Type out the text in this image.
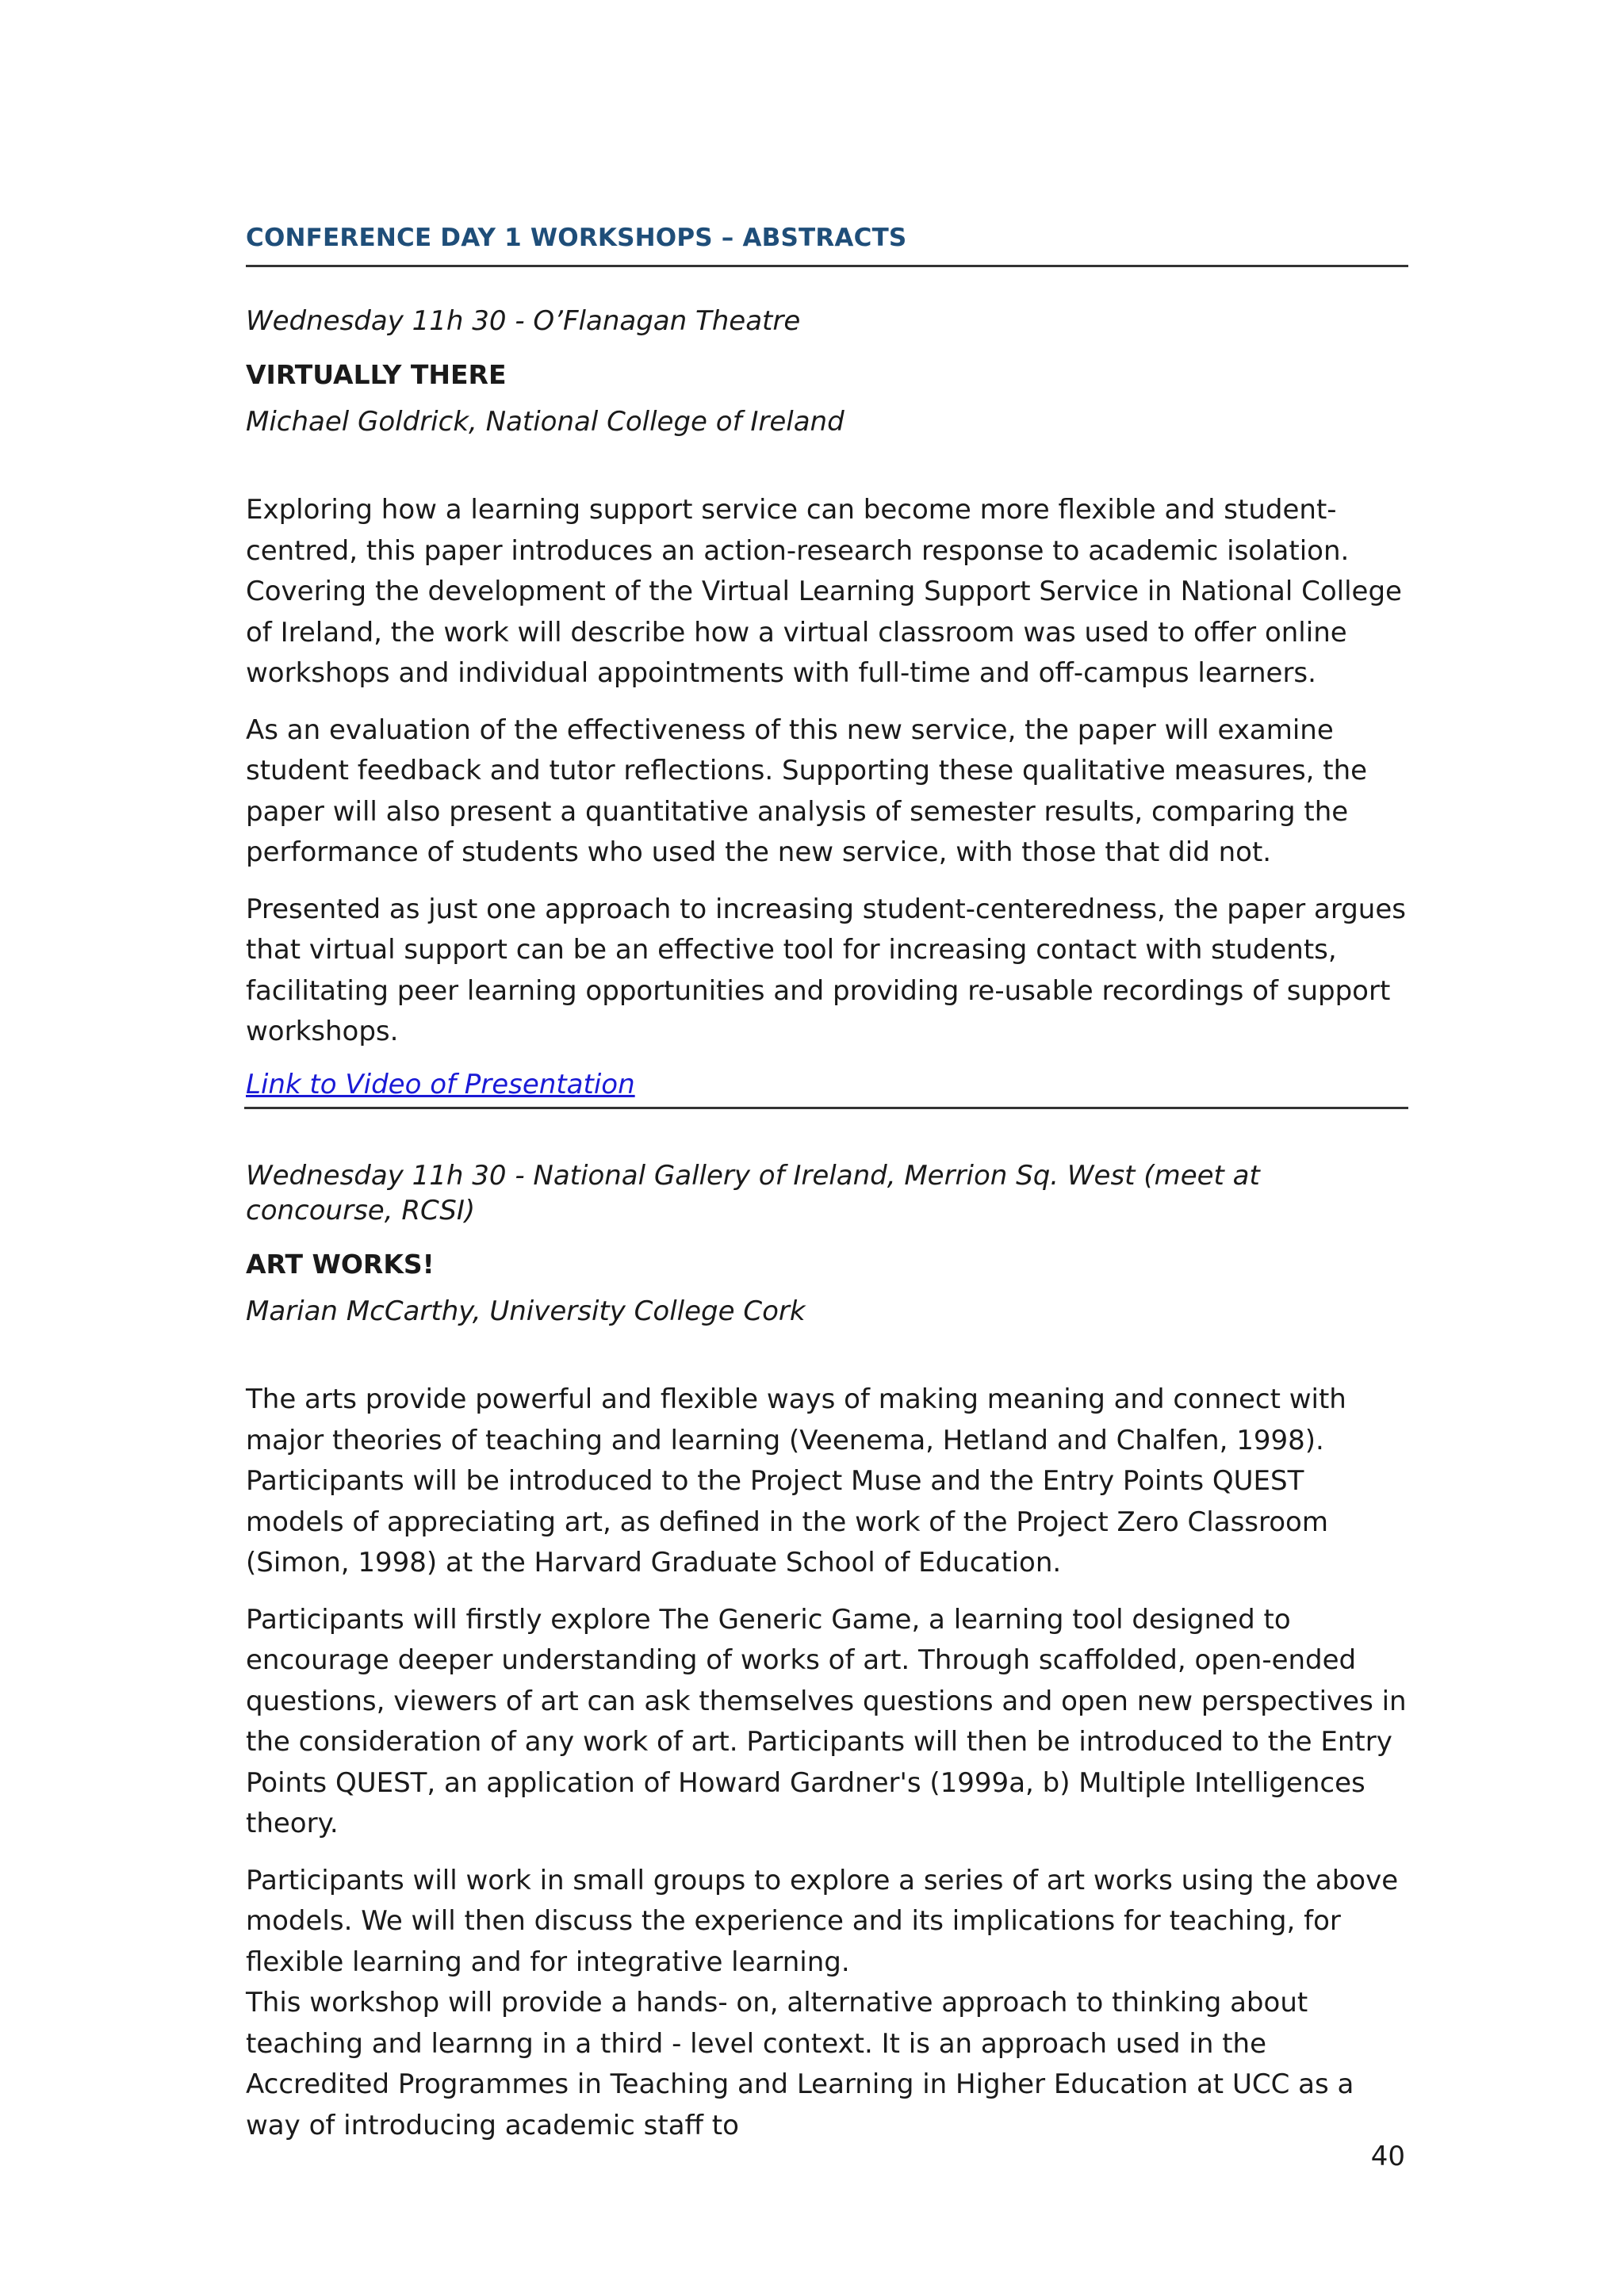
CONFERENCE DAY 1 WORKSHOPS – ABSTRACTS

Wednesday 11h 30 - O’Flanagan Theatre

VIRTUALLY THERE

Michael Goldrick, National College of Ireland

Exploring how a learning support service can become more flexible and student-centred, this paper introduces an action-research response to academic isolation. Covering the development of the Virtual Learning Support Service in National College of Ireland, the work will describe how a virtual classroom was used to offer online workshops and individual appointments with full-time and off-campus learners.

As an evaluation of the effectiveness of this new service, the paper will examine student feedback and tutor reflections. Supporting these qualitative measures, the paper will also present a quantitative analysis of semester results, comparing the performance of students who used the new service, with those that did not.

Presented as just one approach to increasing student-centeredness, the paper argues that virtual support can be an effective tool for increasing contact with students, facilitating peer learning opportunities and providing re-usable recordings of support workshops.

Link to Video of Presentation

Wednesday 11h 30 - National Gallery of Ireland, Merrion Sq. West (meet at concourse, RCSI)

ART WORKS!

Marian McCarthy, University College Cork

The arts provide powerful and flexible ways of making meaning and connect with major theories of teaching and learning (Veenema, Hetland and Chalfen, 1998). Participants will be introduced to the Project Muse and the Entry Points QUEST models of appreciating art, as defined in the work of the Project Zero Classroom (Simon, 1998) at the Harvard Graduate School of Education.

Participants will firstly explore The Generic Game, a learning tool designed to encourage deeper understanding of works of art. Through scaffolded, open-ended questions, viewers of art can ask themselves questions and open new perspectives in the consideration of any work of art. Participants will then be introduced to the Entry Points QUEST, an application of Howard Gardner's (1999a, b) Multiple Intelligences theory.

Participants will work in small groups to explore a series of art works using the above models. We will then discuss the experience and its implications for teaching, for flexible learning and for integrative learning.

This workshop will provide a hands- on, alternative approach to thinking about teaching and learnng in a third - level context. It is an approach used in the Accredited Programmes in Teaching and Learning in Higher Education at UCC as a way of introducing academic staff to

40
